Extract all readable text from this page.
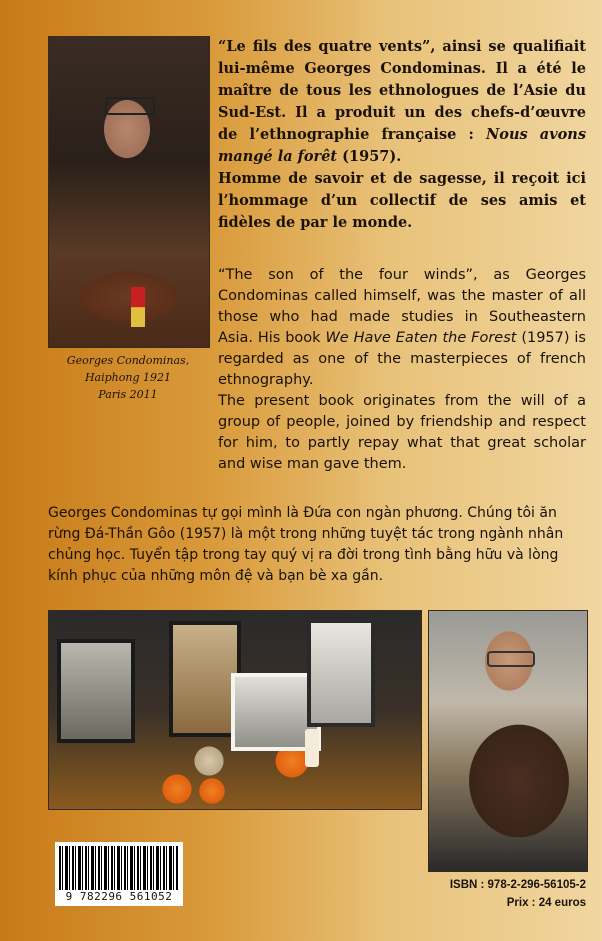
Georges Condominas,
Haiphong 1921
Paris 2011

“Le fils des quatre vents”, ainsi se qualifiait lui-même Georges Condominas. Il a été le maître de tous les ethnologues de l’Asie du Sud-Est. Il a produit un des chefs-d’œuvre de l’ethnographie française : Nous avons mangé la forêt (1957).

Homme de savoir et de sagesse, il reçoit ici l’hommage d’un collectif de ses amis et fidèles de par le monde.

“The son of the four winds”, as Georges Condominas called himself, was the master of all those who had made studies in Southeastern Asia. His book We Have Eaten the Forest (1957) is regarded as one of the masterpieces of french ethnography.

The present book originates from the will of a group of people, joined by friendship and respect for him, to partly repay what that great scholar and wise man gave them.

Georges Condominas tự gọi mình là Đứa con ngàn phương. Chúng tôi ăn rừng Đá-Thần Gôo (1957) là một trong những tuyệt tác trong ngành nhân chủng học. Tuyển tập trong tay quý vị ra đời trong tình bằng hữu và lòng kính phục của những môn đệ và bạn bè xa gần.
9 782296 561052
ISBN : 978-2-296-56105-2
Prix : 24 euros
